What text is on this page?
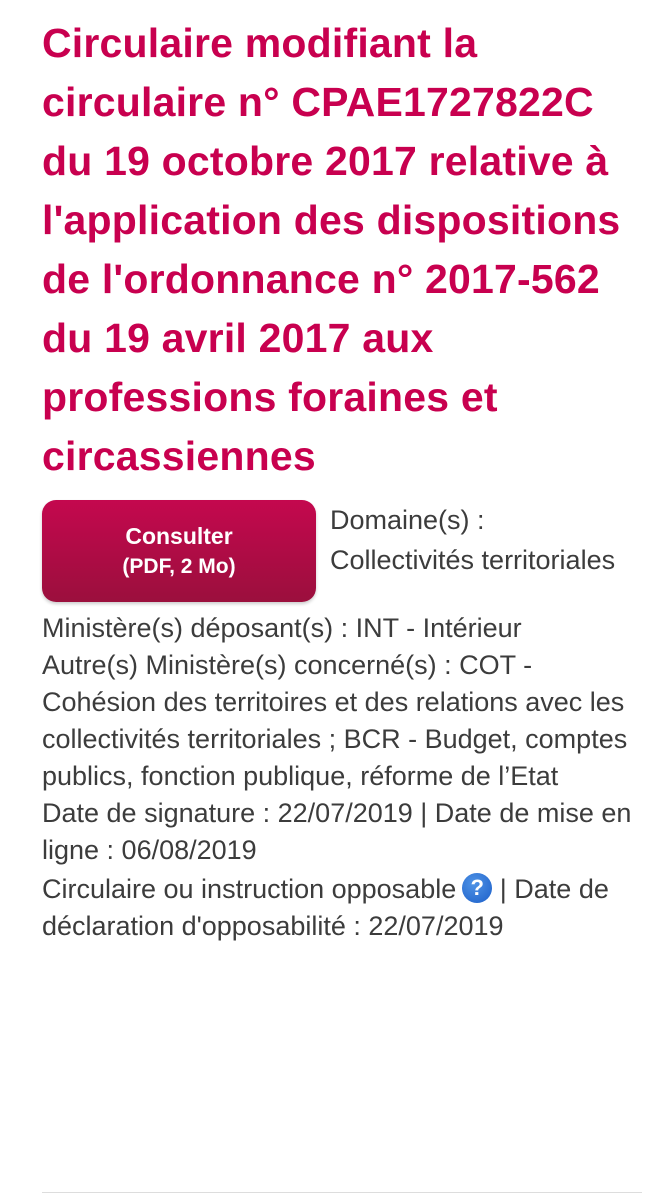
Circulaire modifiant la circulaire n° CPAE1727822C du 19 octobre 2017 relative à l'application des dispositions de l'ordonnance n° 2017-562 du 19 avril 2017 aux professions foraines et circassiennes
Consulter
(PDF, 2 Mo)
Domaine(s) :
Collectivités territoriales

Ministère(s) déposant(s) : INT - Intérieur

Autre(s) Ministère(s) concerné(s) : COT - Cohésion des territoires et des relations avec les collectivités territoriales ; BCR - Budget, comptes publics, fonction publique, réforme de l’Etat

Date de signature : 22/07/2019 | Date de mise en ligne : 06/08/2019

Circulaire ou instruction opposable ? | Date de déclaration d'opposabilité : 22/07/2019
